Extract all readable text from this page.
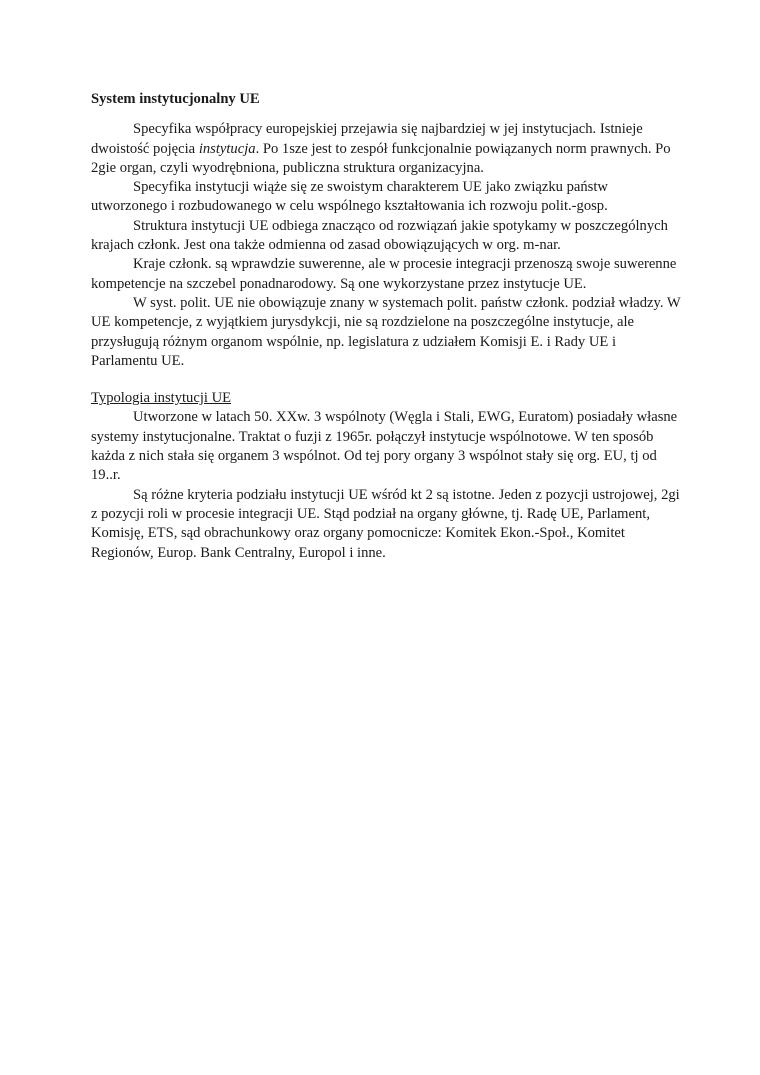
System instytucjonalny UE

Specyfika współpracy europejskiej przejawia się najbardziej w jej instytucjach. Istnieje dwoistość pojęcia instytucja. Po 1sze jest to zespół funkcjonalnie powiązanych norm prawnych. Po 2gie organ, czyli wyodrębniona, publiczna struktura organizacyjna.

Specyfika instytucji wiąże się ze swoistym charakterem UE jako związku państw utworzonego i rozbudowanego w celu wspólnego kształtowania ich rozwoju polit.-gosp.

Struktura instytucji UE odbiega znacząco od rozwiązań jakie spotykamy w poszczególnych krajach członk. Jest ona także odmienna od zasad obowiązujących w org. m-nar.

Kraje członk. są wprawdzie suwerenne, ale w procesie integracji przenoszą swoje suwerenne kompetencje na szczebel ponadnarodowy. Są one wykorzystane przez instytucje UE.

W syst. polit. UE nie obowiązuje znany w systemach polit. państw członk. podział władzy. W UE kompetencje, z wyjątkiem jurysdykcji, nie są rozdzielone na poszczególne instytucje, ale przysługują różnym organom wspólnie, np. legislatura z udziałem Komisji E. i Rady UE i Parlamentu UE.

Typologia instytucji UE

Utworzone w latach 50. XXw. 3 wspólnoty (Węgla i Stali, EWG, Euratom) posiadały własne systemy instytucjonalne. Traktat o fuzji z 1965r. połączył instytucje wspólnotowe. W ten sposób każda z nich stała się organem 3 wspólnot. Od tej pory organy 3 wspólnot stały się org. EU, tj od 19..r.

Są różne kryteria podziału instytucji UE wśród kt 2 są istotne. Jeden z pozycji ustrojowej, 2gi z pozycji roli w procesie integracji UE. Stąd podział na organy główne, tj. Radę UE, Parlament, Komisję, ETS, sąd obrachunkowy oraz organy pomocnicze: Komitek Ekon.-Społ., Komitet Regionów, Europ. Bank Centralny, Europol i inne.
